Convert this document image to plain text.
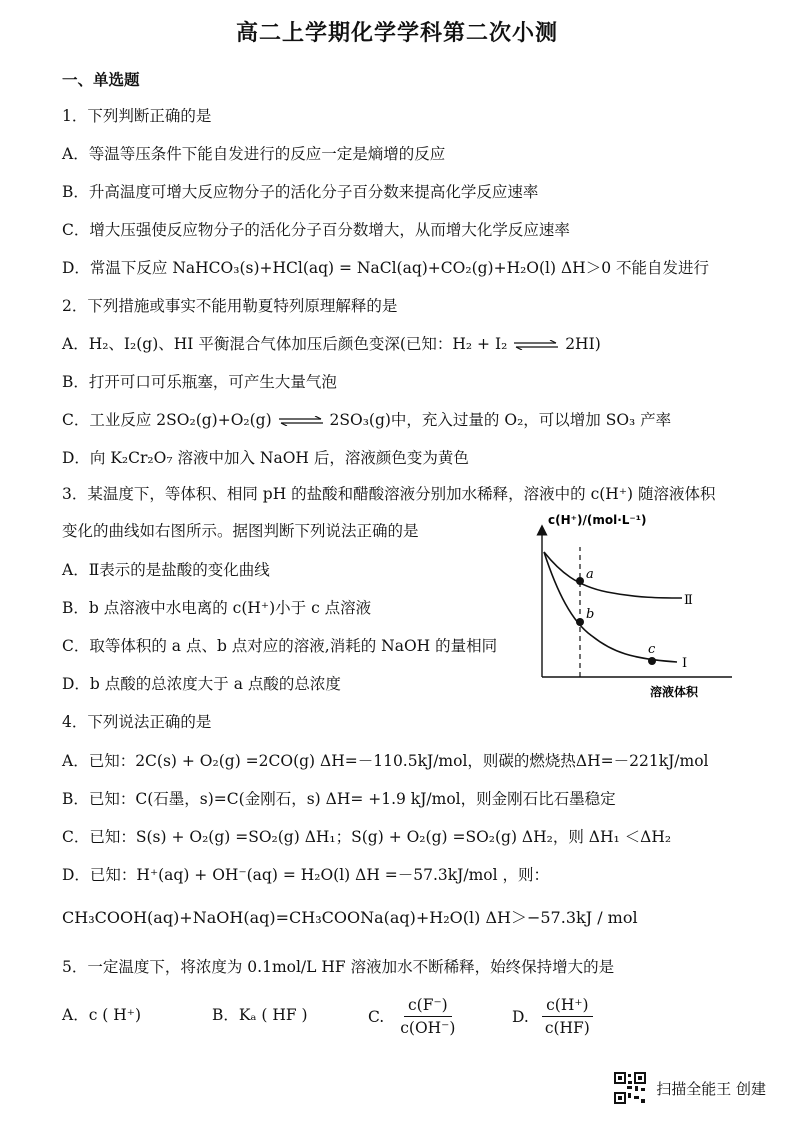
高二上学期化学学科第二次小测
一、单选题
1．下列判断正确的是
A．等温等压条件下能自发进行的反应一定是熵增的反应
B．升高温度可增大反应物分子的活化分子百分数来提高化学反应速率
C．增大压强使反应物分子的活化分子百分数增大，从而增大化学反应速率
D．常温下反应 NaHCO₃(s)+HCl(aq) = NaCl(aq)+CO₂(g)+H₂O(l) ΔH＞0 不能自发进行
2．下列措施或事实不能用勒夏特列原理解释的是
A．H₂、I₂(g)、HI 平衡混合气体加压后颜色变深(已知：H₂ + I₂ ⇌ 2HI)
B．打开可口可乐瓶塞，可产生大量气泡
C．工业反应 2SO₂(g)+O₂(g) ⇌ 2SO₃(g)中，充入过量的 O₂，可以增加 SO₃ 产率
D．向 K₂Cr₂O₇ 溶液中加入 NaOH 后，溶液颜色变为黄色
3．某温度下，等体积、相同 pH 的盐酸和醋酸溶液分别加水稀释，溶液中的 c(H⁺) 随溶液体积
变化的曲线如右图所示。据图判断下列说法正确的是
A．Ⅱ表示的是盐酸的变化曲线
B．b 点溶液中水电离的 c(H⁺)小于 c 点溶液
C．取等体积的 a 点、b 点对应的溶液,消耗的 NaOH 的量相同
D．b 点酸的总浓度大于 a 点酸的总浓度
c(H⁺)/(mol·L⁻¹)
溶液体积
Ⅱ
Ⅰ
a
b
c
4．下列说法正确的是
A．已知：2C(s) + O₂(g) =2CO(g) ΔH=－110.5kJ/mol，则碳的燃烧热ΔH=－221kJ/mol
B．已知：C(石墨，s)=C(金刚石，s) ΔH= +1.9 kJ/mol，则金刚石比石墨稳定
C．已知：S(s) + O₂(g) =SO₂(g) ΔH₁；S(g) + O₂(g) =SO₂(g) ΔH₂，则 ΔH₁ ＜ΔH₂
D．已知：H⁺(aq) + OH⁻(aq) = H₂O(l) ΔH =－57.3kJ/mol ，则：
CH₃COOH(aq)+NaOH(aq)=CH₃COONa(aq)+H₂O(l) ΔH＞−57.3kJ / mol
5．一定温度下，将浓度为 0.1mol/L HF 溶液加水不断稀释，始终保持增大的是
A．c ( H⁺)	B．Kₐ ( HF )	C. $\frac{c(F^-)}{c(OH^-)}$	D. $\frac{c(H^+)}{c(HF)}$
扫描全能王 创建
